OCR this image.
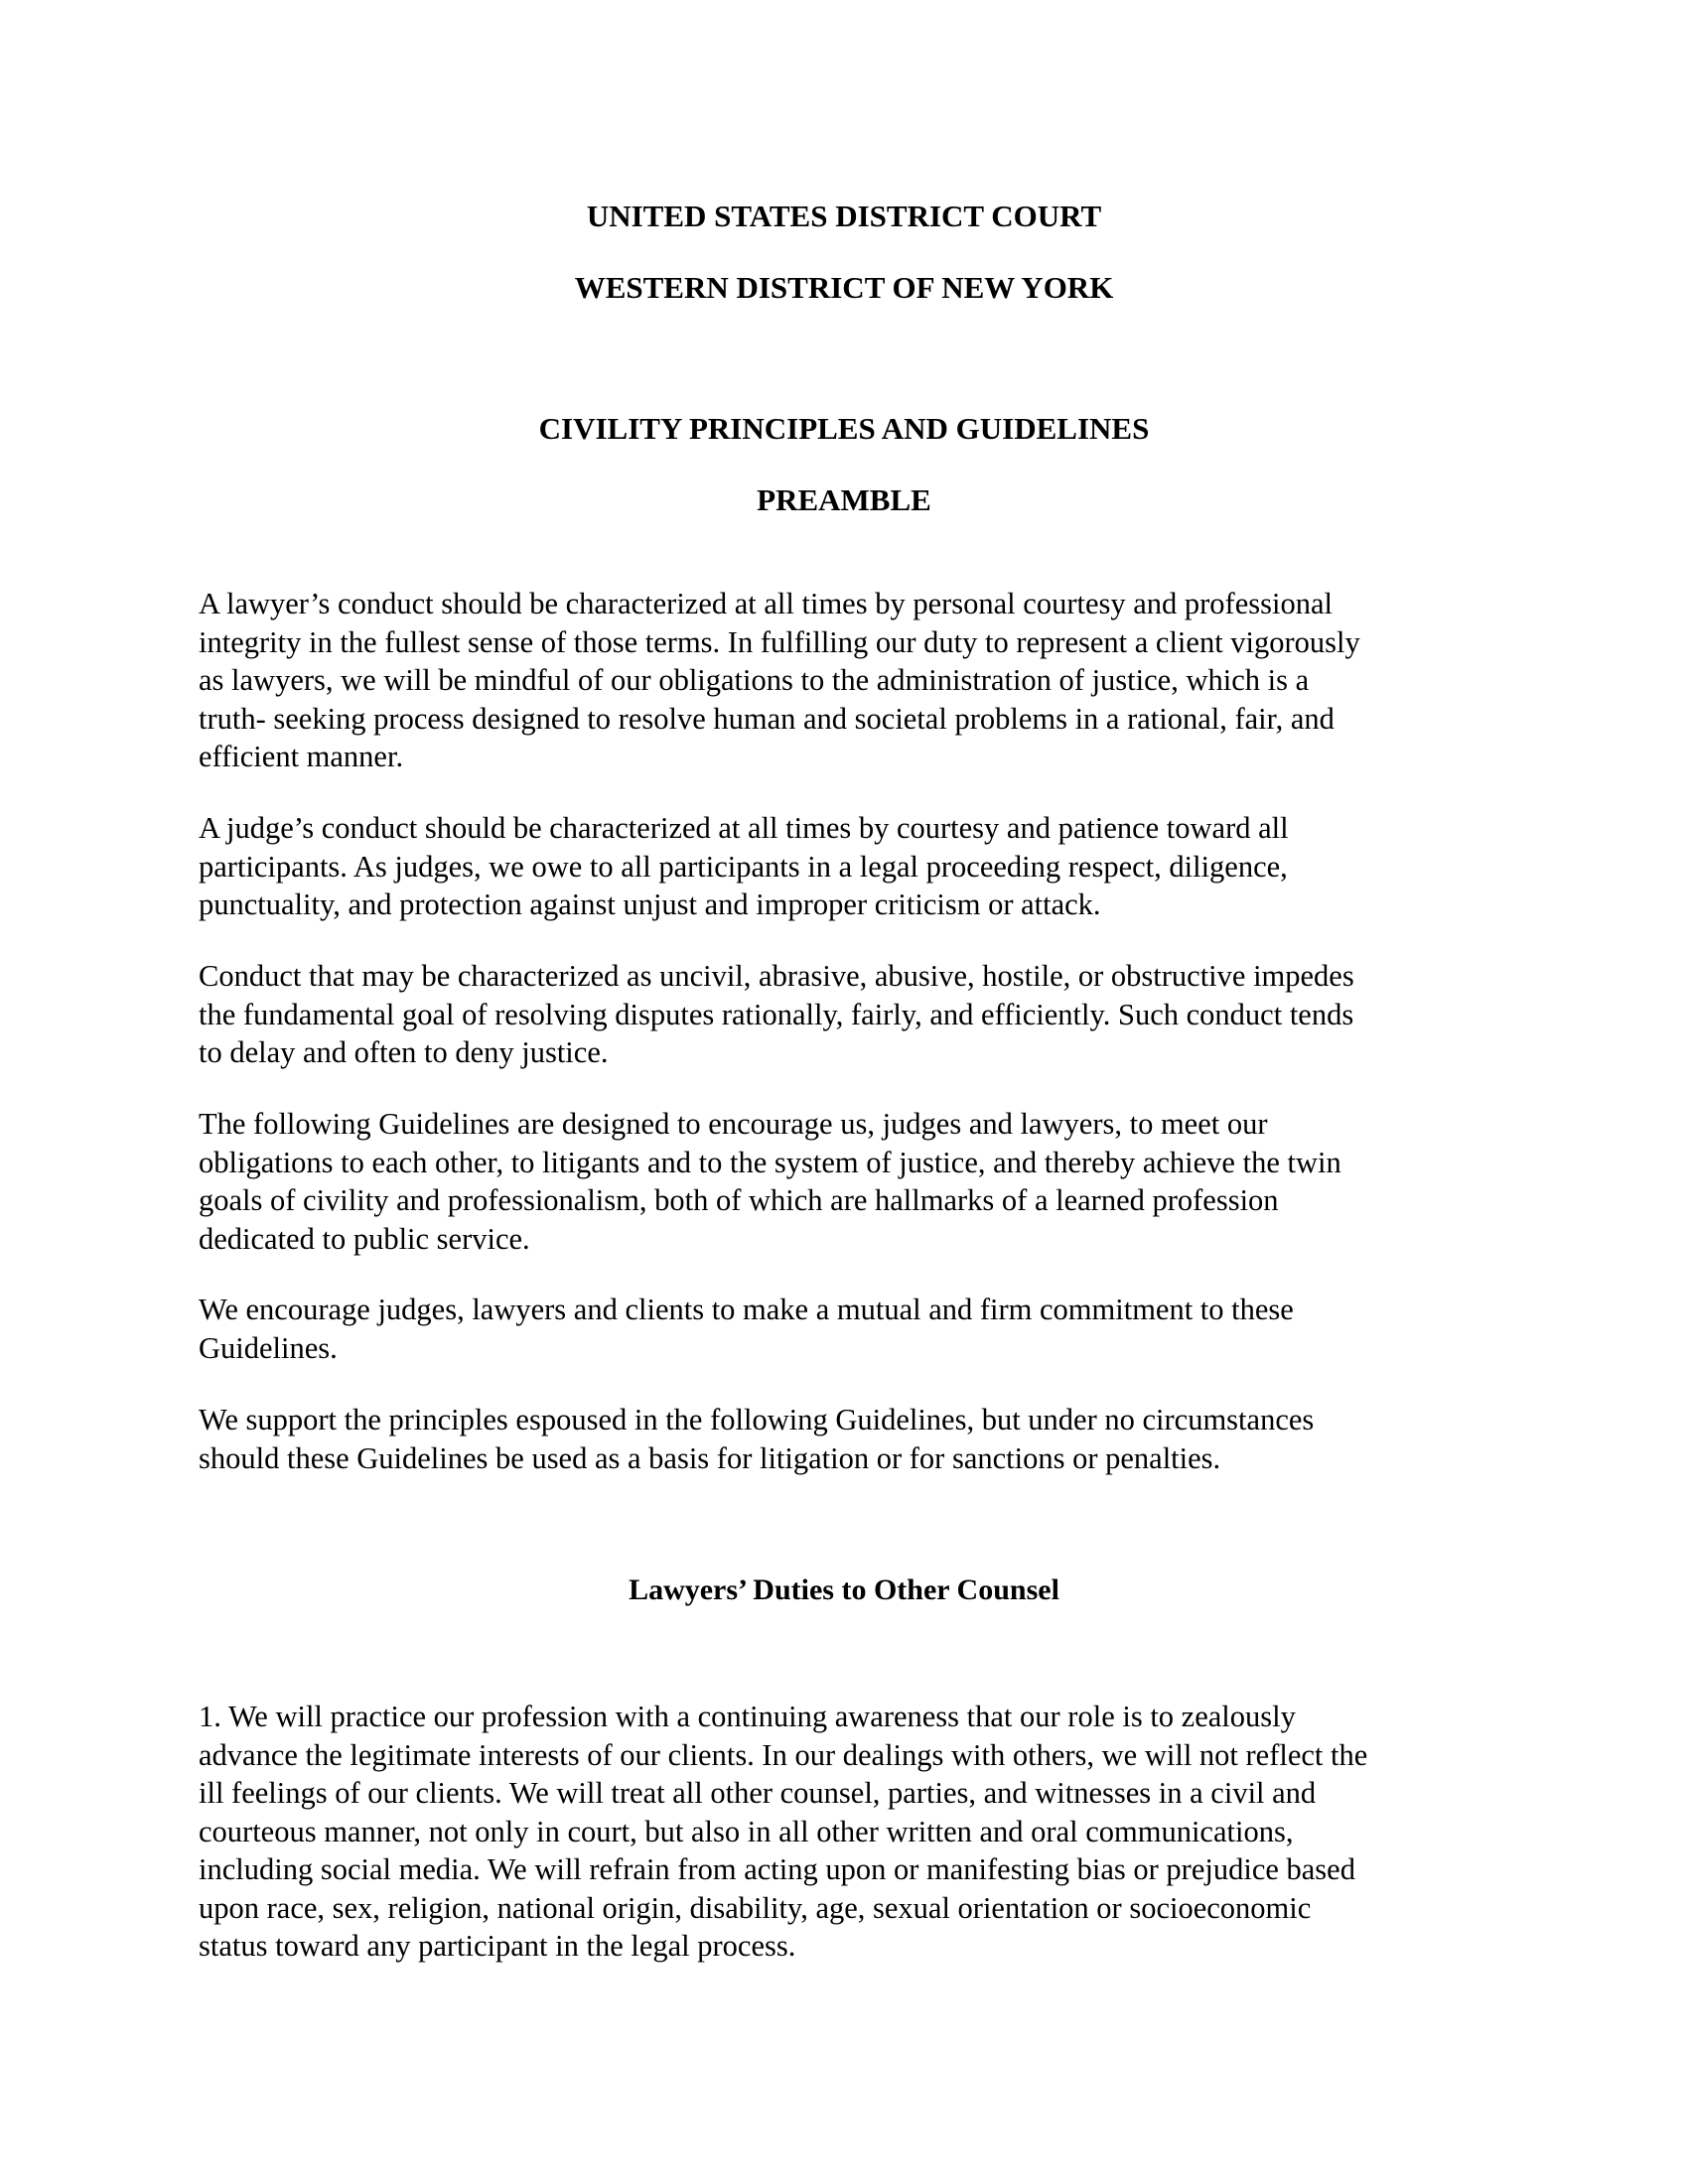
UNITED STATES DISTRICT COURT
WESTERN DISTRICT OF NEW YORK
CIVILITY PRINCIPLES AND GUIDELINES
PREAMBLE
A lawyer’s conduct should be characterized at all times by personal courtesy and professional
integrity in the fullest sense of those terms. In fulfilling our duty to represent a client vigorously
as lawyers, we will be mindful of our obligations to the administration of justice, which is a
truth- seeking process designed to resolve human and societal problems in a rational, fair, and
efficient manner.
A judge’s conduct should be characterized at all times by courtesy and patience toward all
participants. As judges, we owe to all participants in a legal proceeding respect, diligence,
punctuality, and protection against unjust and improper criticism or attack.
Conduct that may be characterized as uncivil, abrasive, abusive, hostile, or obstructive impedes
the fundamental goal of resolving disputes rationally, fairly, and efficiently. Such conduct tends
to delay and often to deny justice.
The following Guidelines are designed to encourage us, judges and lawyers, to meet our
obligations to each other, to litigants and to the system of justice, and thereby achieve the twin
goals of civility and professionalism, both of which are hallmarks of a learned profession
dedicated to public service.
We encourage judges, lawyers and clients to make a mutual and firm commitment to these
Guidelines.
We support the principles espoused in the following Guidelines, but under no circumstances
should these Guidelines be used as a basis for litigation or for sanctions or penalties.
Lawyers’ Duties to Other Counsel
1. We will practice our profession with a continuing awareness that our role is to zealously
advance the legitimate interests of our clients. In our dealings with others, we will not reflect the
ill feelings of our clients. We will treat all other counsel, parties, and witnesses in a civil and
courteous manner, not only in court, but also in all other written and oral communications,
including social media. We will refrain from acting upon or manifesting bias or prejudice based
upon race, sex, religion, national origin, disability, age, sexual orientation or socioeconomic
status toward any participant in the legal process.
